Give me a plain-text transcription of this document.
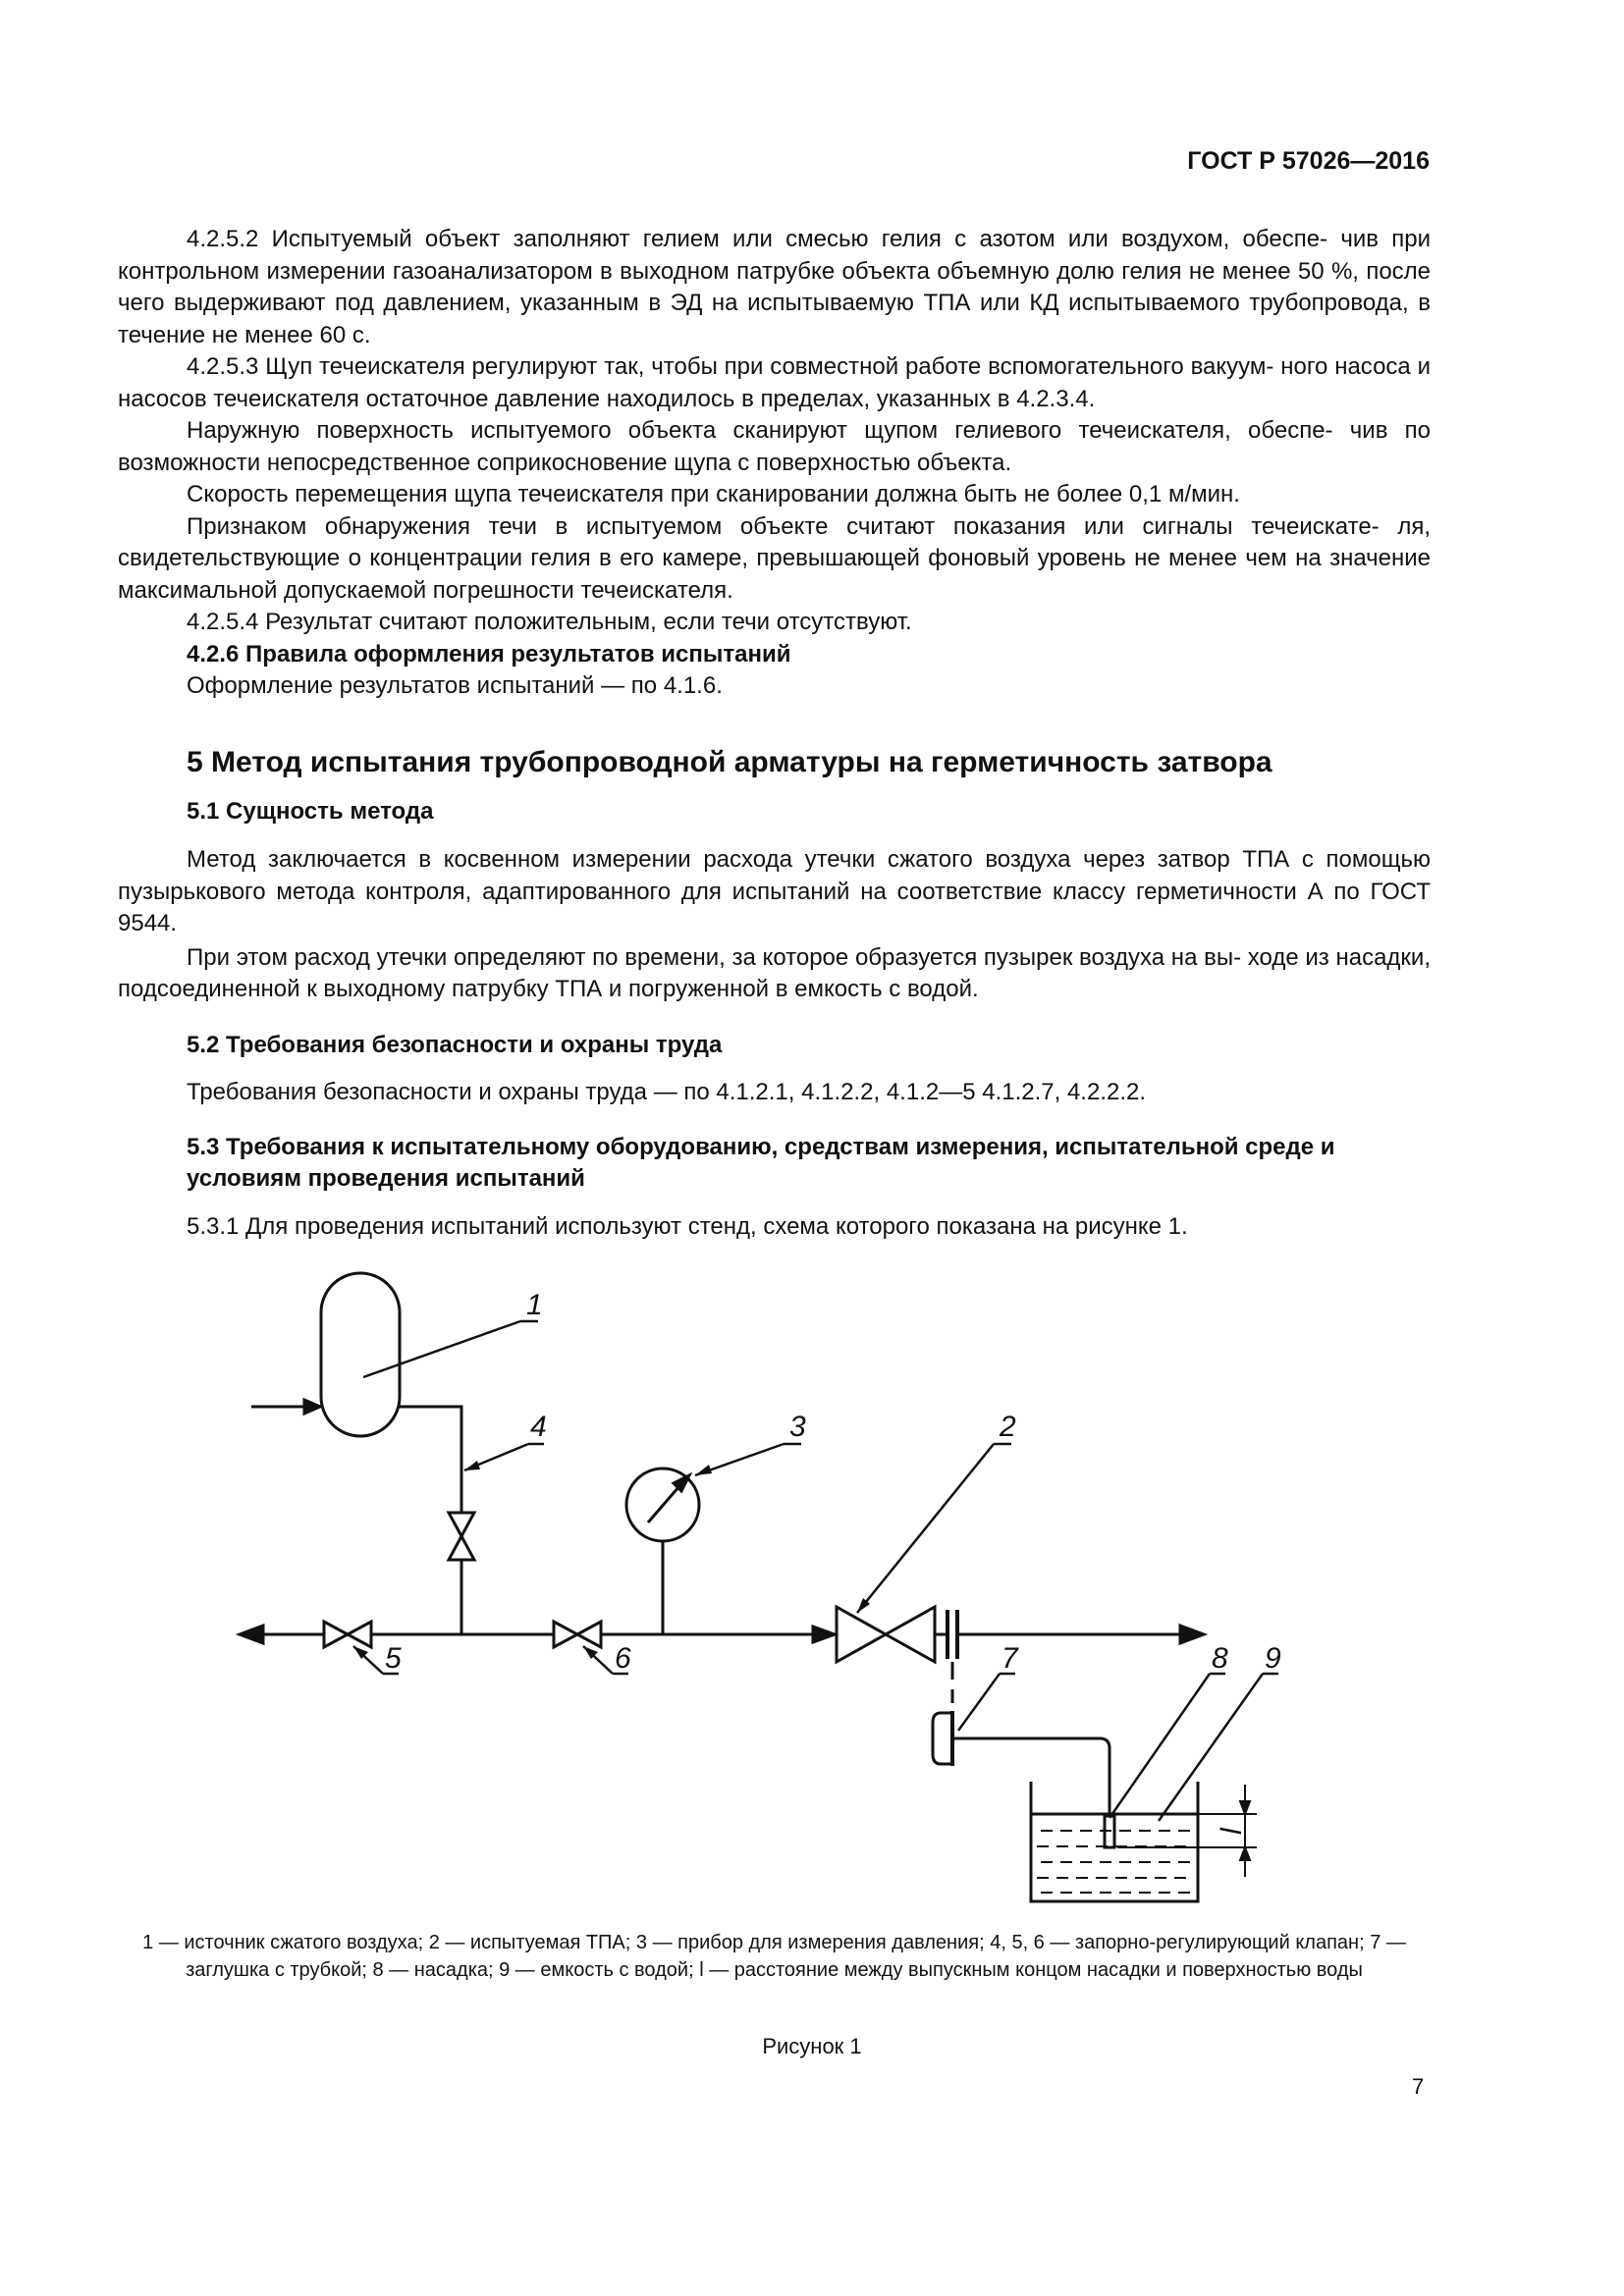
ГОСТ Р 57026—2016

4.2.5.2 Испытуемый объект заполняют гелием или смесью гелия с азотом или воздухом, обеспе- чив при контрольном измерении газоанализатором в выходном патрубке объекта объемную долю гелия не менее 50 %, после чего выдерживают под давлением, указанным в ЭД на испытываемую ТПА или КД испытываемого трубопровода, в течение не менее 60 с.

4.2.5.3 Щуп течеискателя регулируют так, чтобы при совместной работе вспомогательного вакуум- ного насоса и насосов течеискателя остаточное давление находилось в пределах, указанных в 4.2.3.4.

Наружную поверхность испытуемого объекта сканируют щупом гелиевого течеискателя, обеспе- чив по возможности непосредственное соприкосновение щупа с поверхностью объекта.

Скорость перемещения щупа течеискателя при сканировании должна быть не более 0,1 м/мин.

Признаком обнаружения течи в испытуемом объекте считают показания или сигналы течеискате- ля, свидетельствующие о концентрации гелия в его камере, превышающей фоновый уровень не менее чем на значение максимальной допускаемой погрешности течеискателя.

4.2.5.4 Результат считают положительным, если течи отсутствуют.

4.2.6 Правила оформления результатов испытаний

Оформление результатов испытаний — по 4.1.6.

5 Метод испытания трубопроводной арматуры на герметичность затвора
5.1 Сущность метода

Метод заключается в косвенном измерении расхода утечки сжатого воздуха через затвор ТПА с помощью пузырькового метода контроля, адаптированного для испытаний на соответствие классу герметичности А по ГОСТ 9544.

При этом расход утечки определяют по времени, за которое образуется пузырек воздуха на вы- ходе из насадки, подсоединенной к выходному патрубку ТПА и погруженной в емкость с водой.

5.2 Требования безопасности и охраны труда

Требования безопасности и охраны труда — по 4.1.2.1, 4.1.2.2, 4.1.2—5 4.1.2.7, 4.2.2.2.

5.3 Требования к испытательному оборудованию, средствам измерения, испытательной среде и условиям проведения испытаний

5.3.1 Для проведения испытаний используют стенд, схема которого показана на рисунке 1.

1
2
3
4
5	6	7	8 9
l
1 — источник сжатого воздуха; 2 — испытуемая ТПА; 3 — прибор для измерения давления; 4, 5, 6 — запорно-регулирующий клапан; 7 — заглушка с трубкой; 8 — насадка; 9 — емкость с водой; l — расстояние между выпускным концом насадки и поверхностью воды
Рисунок 1
7
